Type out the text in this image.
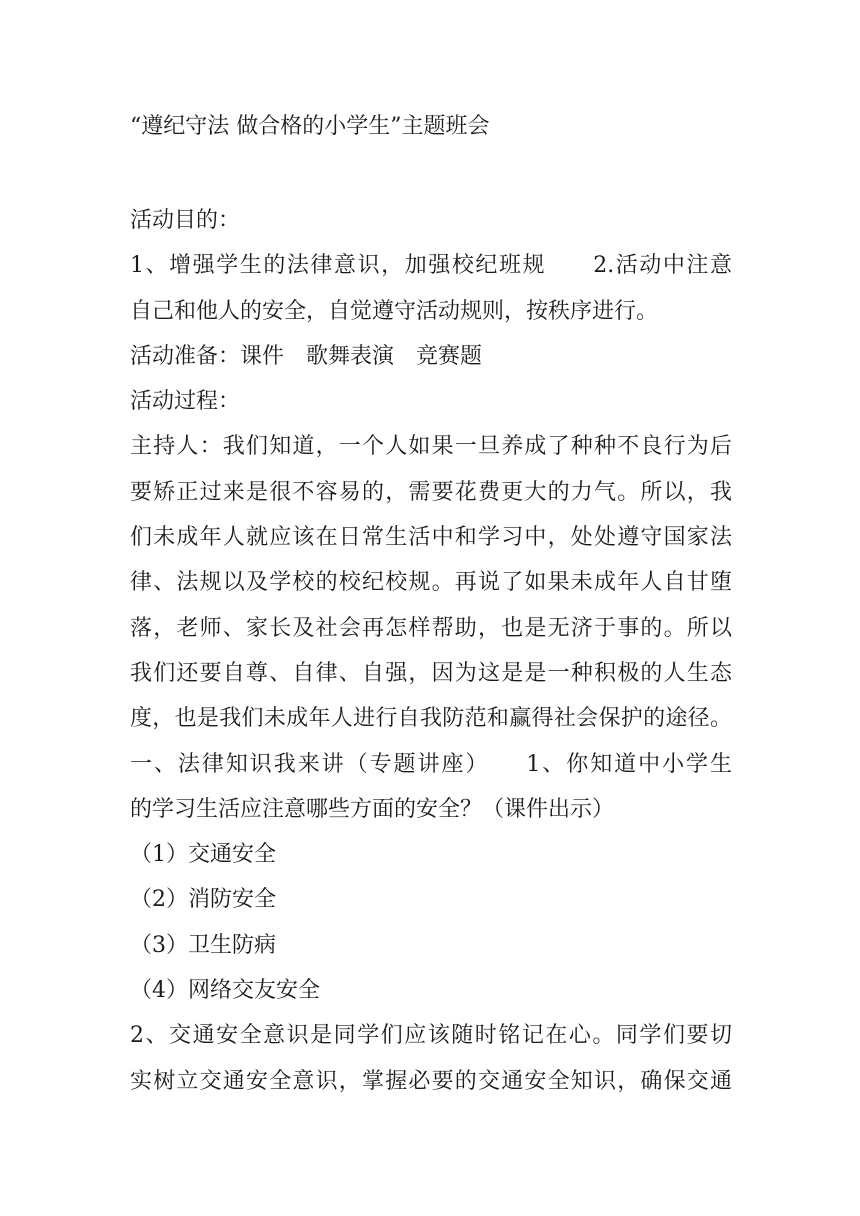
“遵纪守法 做合格的小学生”主题班会
活动目的：
1、增强学生的法律意识，加强校纪班规　　2.活动中注意
自己和他人的安全，自觉遵守活动规则，按秩序进行。
活动准备：课件　歌舞表演　竞赛题
活动过程：
主持人：我们知道，一个人如果一旦养成了种种不良行为后
要矫正过来是很不容易的，需要花费更大的力气。所以，我
们未成年人就应该在日常生活中和学习中，处处遵守国家法
律、法规以及学校的校纪校规。再说了如果未成年人自甘堕
落，老师、家长及社会再怎样帮助，也是无济于事的。所以
我们还要自尊、自律、自强，因为这是是一种积极的人生态
度，也是我们未成年人进行自我防范和赢得社会保护的途径。
一、法律知识我来讲（专题讲座）　　1、你知道中小学生
的学习生活应注意哪些方面的安全？（课件出示）
（1）交通安全
（2）消防安全
（3）卫生防病
（4）网络交友安全
2、交通安全意识是同学们应该随时铭记在心。同学们要切
实树立交通安全意识，掌握必要的交通安全知识，确保交通
